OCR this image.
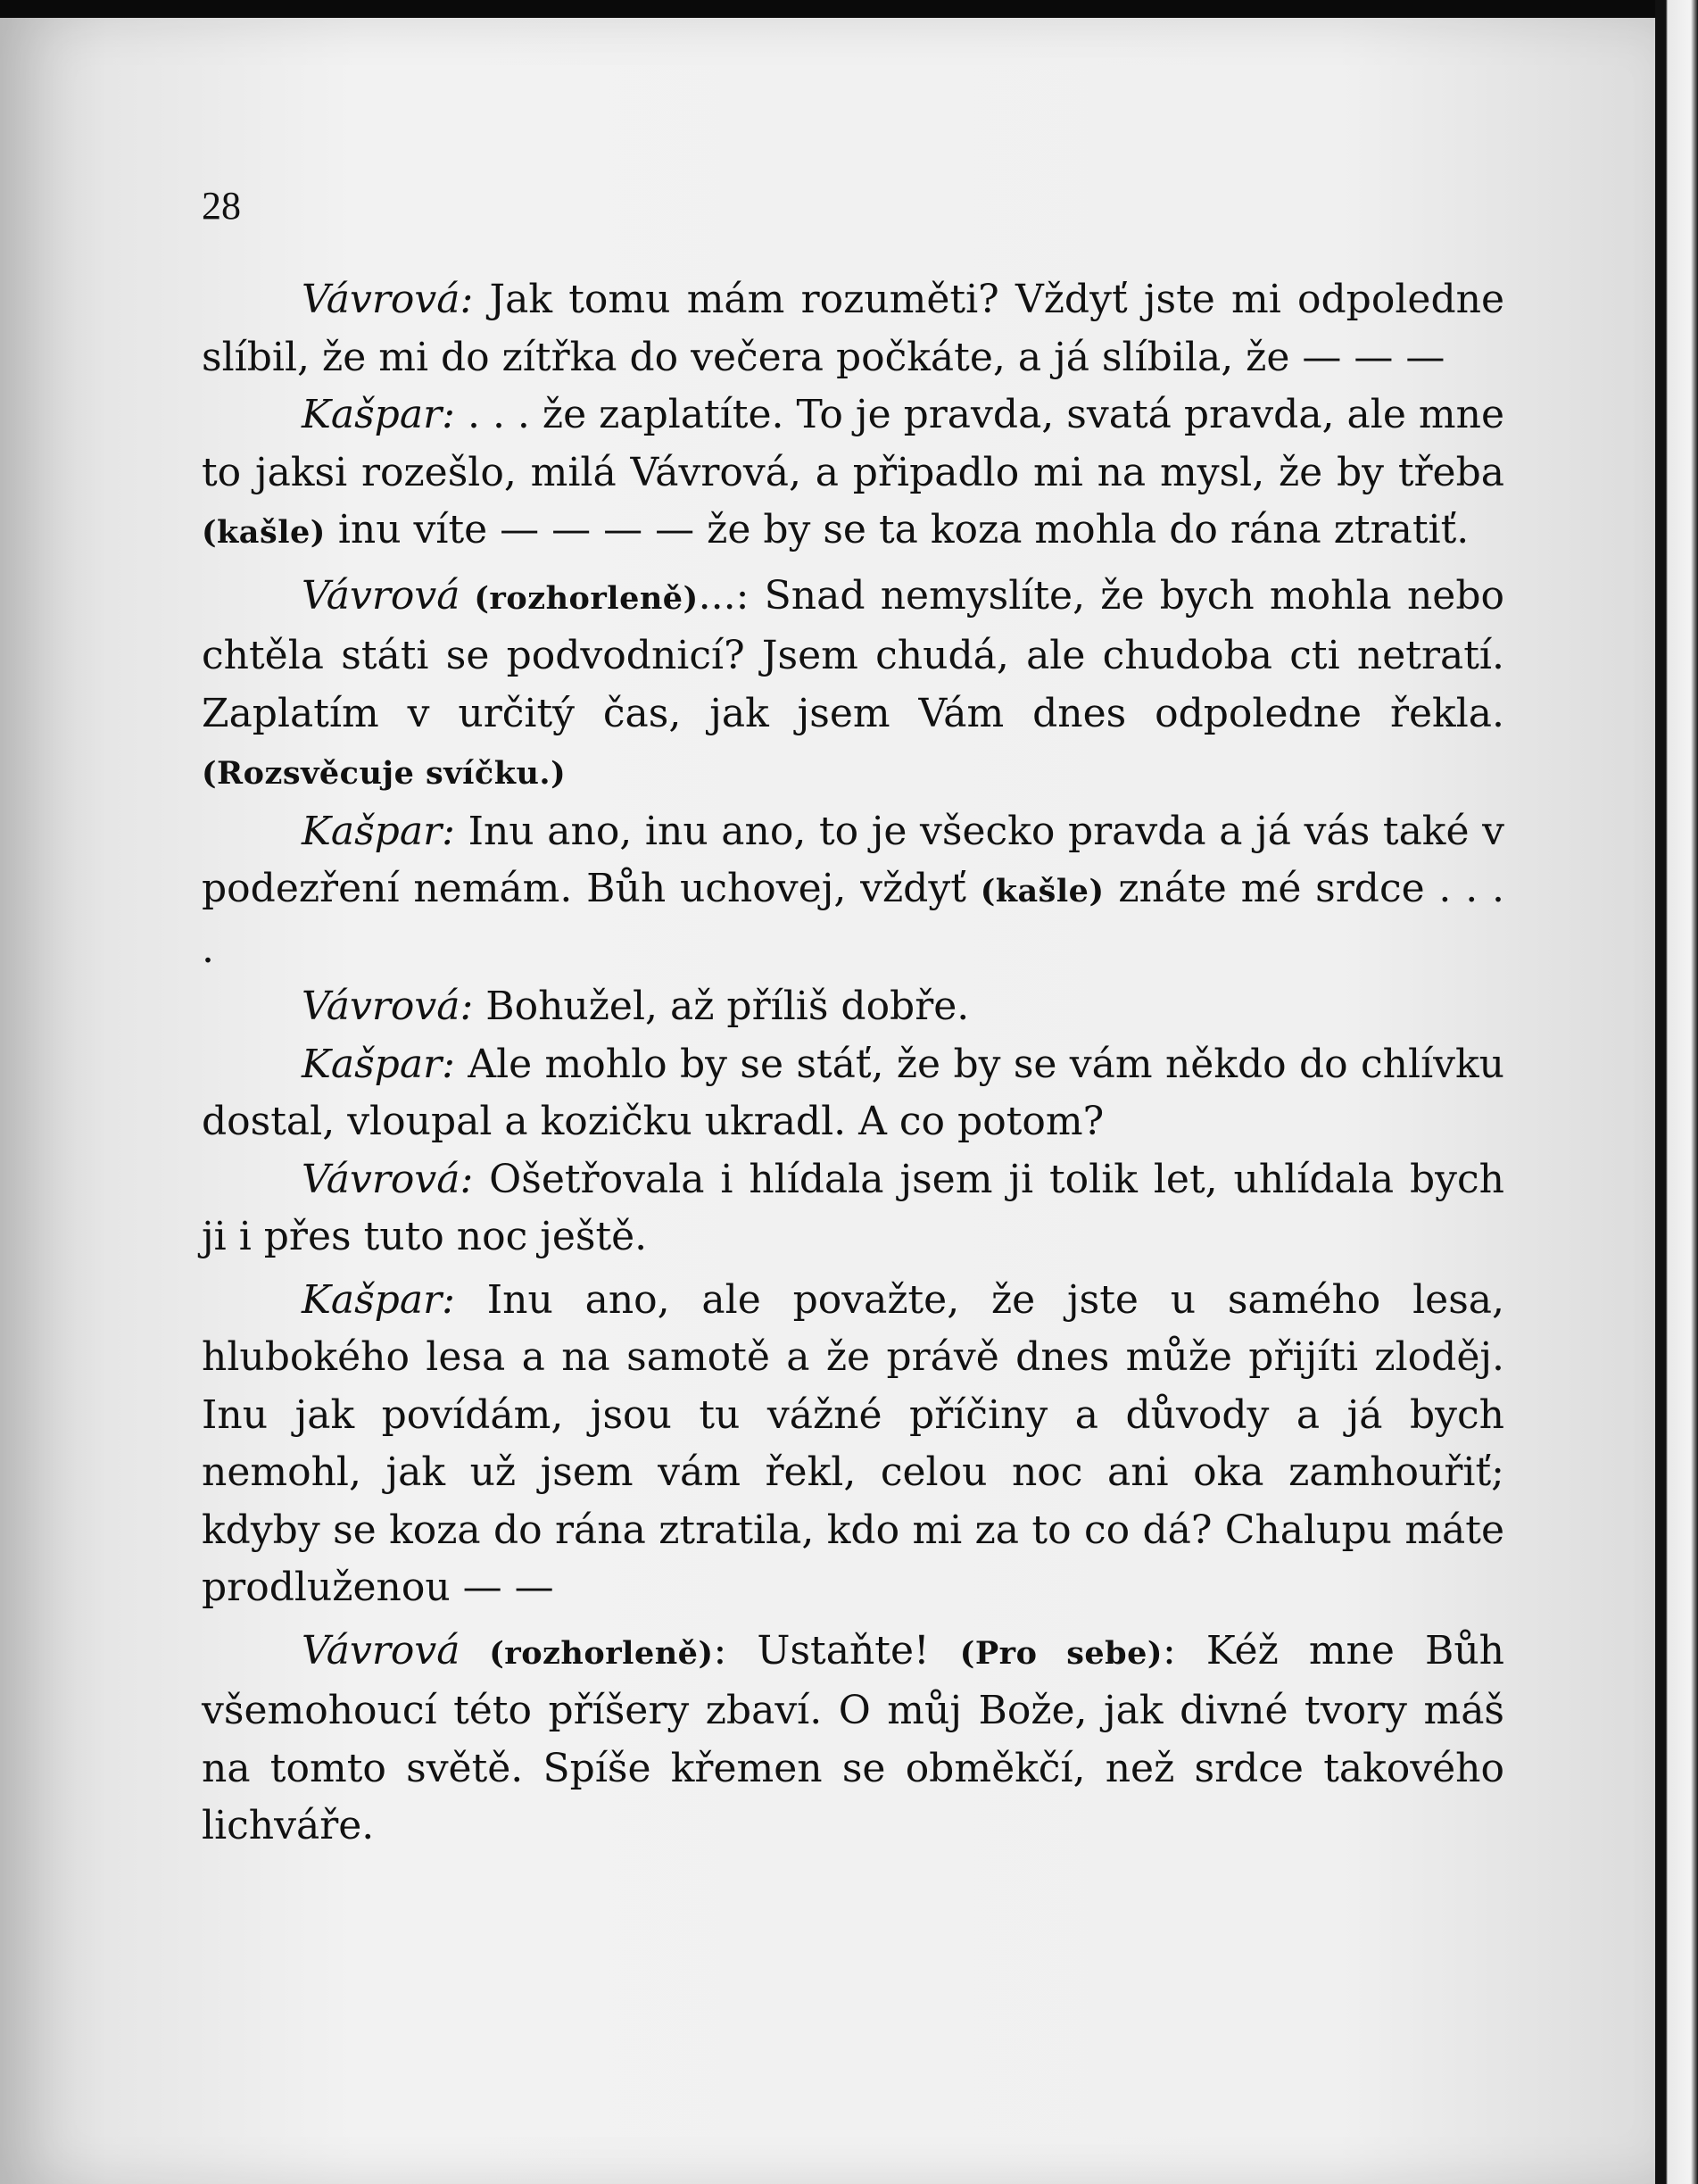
28

Vávrová: Jak tomu mám rozuměti? Vždyť jste mi odpoledne slíbil, že mi do zítřka do večera počkáte, a já slíbila, že — — —

Kašpar: . . . že zaplatíte. To je pravda, svatá pravda, ale mne to jaksi rozešlo, milá Vávrová, a připadlo mi na mysl, že by třeba (kašle) inu víte — — — — že by se ta koza mohla do rána ztratiť.

Vávrová (rozhorleně)...: Snad nemyslíte, že bych mohla nebo chtěla státi se podvodnicí? Jsem chudá, ale chudoba cti netratí. Zaplatím v určitý čas, jak jsem Vám dnes odpoledne řekla. (Rozsvěcuje svíčku.)

Kašpar: Inu ano, inu ano, to je všecko pravda a já vás také v podezření nemám. Bůh uchovej, vždyť (kašle) znáte mé srdce . . . .

Vávrová: Bohužel, až příliš dobře.

Kašpar: Ale mohlo by se stáť, že by se vám někdo do chlívku dostal, vloupal a kozičku ukradl. A co potom?

Vávrová: Ošetřovala i hlídala jsem ji tolik let, uhlídala bych ji i přes tuto noc ještě.

Kašpar: Inu ano, ale považte, že jste u samého lesa, hlubokého lesa a na samotě a že právě dnes může přijíti zloděj. Inu jak povídám, jsou tu vážné příčiny a důvody a já bych nemohl, jak už jsem vám řekl, celou noc ani oka zamhouřiť; kdyby se koza do rána ztratila, kdo mi za to co dá? Chalupu máte prodluženou — —

Vávrová (rozhorleně): Ustaňte! (Pro sebe): Kéž mne Bůh všemohoucí této příšery zbaví. O můj Bože, jak divné tvory máš na tomto světě. Spíše křemen se obměkčí, než srdce takového lichváře.
